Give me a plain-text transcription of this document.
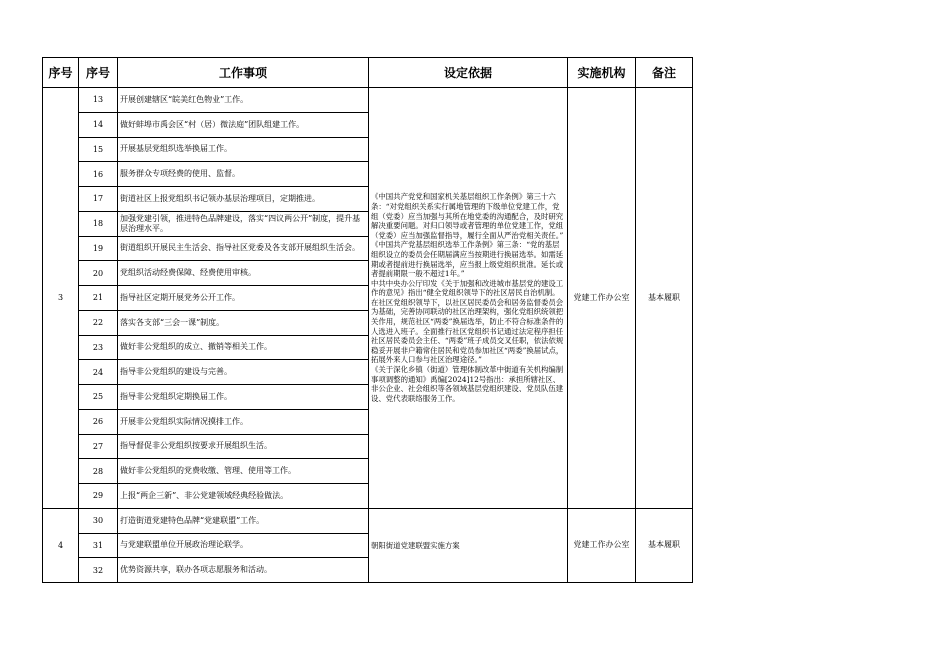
序号	序号	工作事项	设定依据	实施机构	备注
3	13	开展创建辖区“皖美红色物业”工作。	《中国共产党党和国家机关基层组织工作条例》第三十六条：“对党组织关系实行属地管理的下级单位党建工作，党组（党委）应当加强与其所在地党委的沟通配合，及时研究解决重要问题。对归口领导或者管理的单位党建工作，党组（党委）应当加强监督指导，履行全面从严治党相关责任。”
《中国共产党基层组织选举工作条例》第三条：“党的基层组织设立的委员会任期届满应当按期进行换届选举。如需延期或者提前进行换届选举，应当报上级党组织批准。延长或者提前期限一般不超过1年。”
中共中央办公厅印发《关于加强和改进城市基层党的建设工作的意见》指出“健全党组织领导下的社区居民自治机制。在社区党组织领导下，以社区居民委员会和居务监督委员会为基础，完善协同联动的社区治理架构，强化党组织统领把关作用，规范社区“两委”换届选举，防止不符合标准条件的人选进入班子。全面推行社区党组织书记通过法定程序担任社区居民委员会主任、“两委”班子成员交叉任职，依法依规稳妥开展非户籍常住居民和党员参加社区“两委”换届试点，拓展外来人口参与社区治理途径。”
《关于深化乡镇（街道）管理体制改革中街道有关机构编制事项调整的通知》禹编[2024]12号指出：承担所辖社区、非公企业、社会组织等各领域基层党组织建设、党员队伍建设、党代表联络服务工作。	党建工作办公室	基本履职
	14	做好蚌埠市禹会区“村（居）微法庭”团队组建工作。			
	15	开展基层党组织选举换届工作。			
	16	服务群众专项经费的使用、监督。			
	17	街道社区上报党组织书记领办基层治理项目，定期推进。			
	18	加强党建引领，推进特色品牌建设，落实“四议两公开”制度，提升基层治理水平。			
	19	街道组织开展民主生活会、指导社区党委及各支部开展组织生活会。			
	20	党组织活动经费保障、经费使用审核。			
	21	指导社区定期开展党务公开工作。			
	22	落实各支部“三会一课”制度。			
	23	做好非公党组织的成立、撤销等相关工作。			
	24	指导非公党组织的建设与完善。			
	25	指导非公党组织定期换届工作。			
	26	开展非公党组织实际情况摸排工作。			
	27	指导督促非公党组织按要求开展组织生活。			
	28	做好非公党组织的党费收缴、管理、使用等工作。			
	29	上报“两企三新”、非公党建领域经典经验做法。			
4	30	打造街道党建特色品牌“党建联盟”工作。	朝阳街道党建联盟实施方案	党建工作办公室	基本履职
	31	与党建联盟单位开展政治理论联学。			
	32	优势资源共享，联办各项志愿服务和活动。			
